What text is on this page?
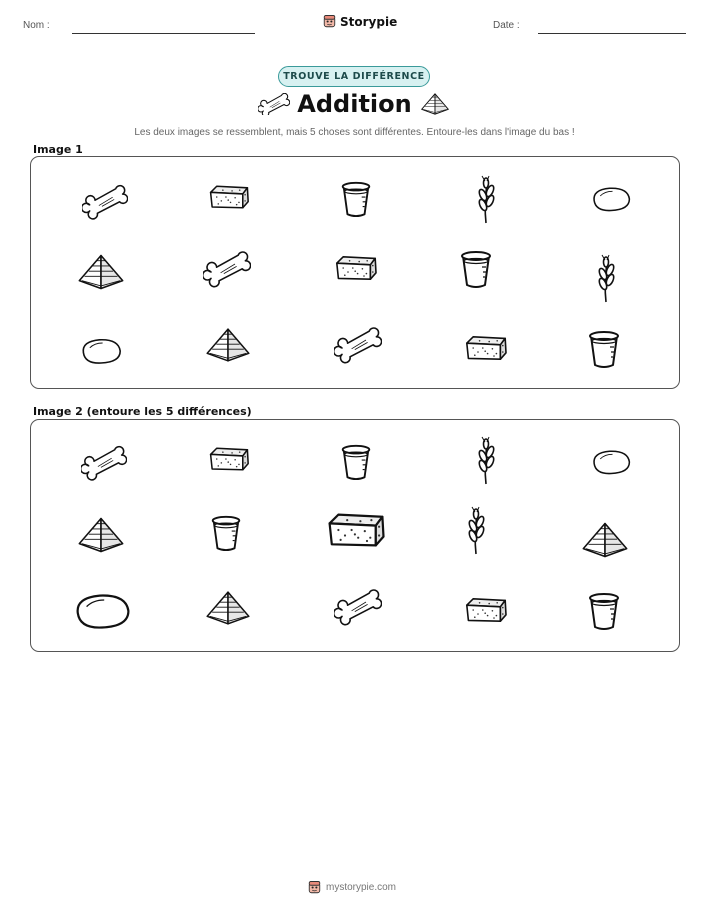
Nom :	Storypie	Date :
TROUVE LA DIFFÉRENCE
Addition
Les deux images se ressemblent, mais 5 choses sont différentes. Entoure-les dans l'image du bas !
Image 1
Image 2 (entoure les 5 différences)
mystorypie.com
